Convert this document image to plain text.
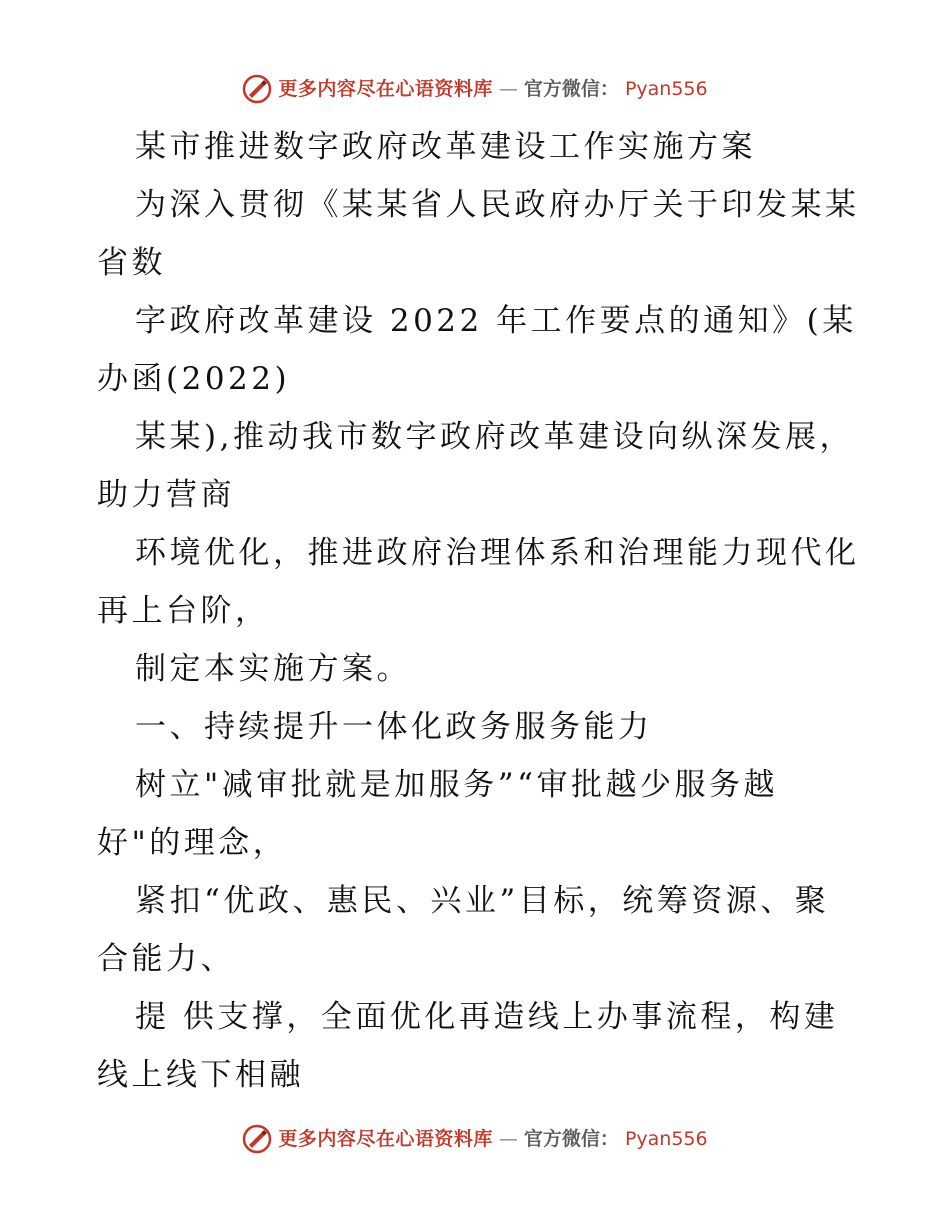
更多内容尽在心语资料库 — 官方微信： Pyan556
某市推进数字政府改革建设工作实施方案
为深入贯彻《某某省人民政府办厅关于印发某某
省数
字政府改革建设 2022 年工作要点的通知》(某
办函(2022)
某某),推动我市数字政府改革建设向纵深发展，
助力营商
环境优化，推进政府治理体系和治理能力现代化
再上台阶，
制定本实施方案。
一、持续提升一体化政务服务能力
树立"减审批就是加服务”“审批越少服务越
好"的理念，
紧扣“优政、惠民、兴业”目标，统筹资源、聚
合能力、
提 供支撑，全面优化再造线上办事流程，构建
线上线下相融
更多内容尽在心语资料库 — 官方微信： Pyan556
